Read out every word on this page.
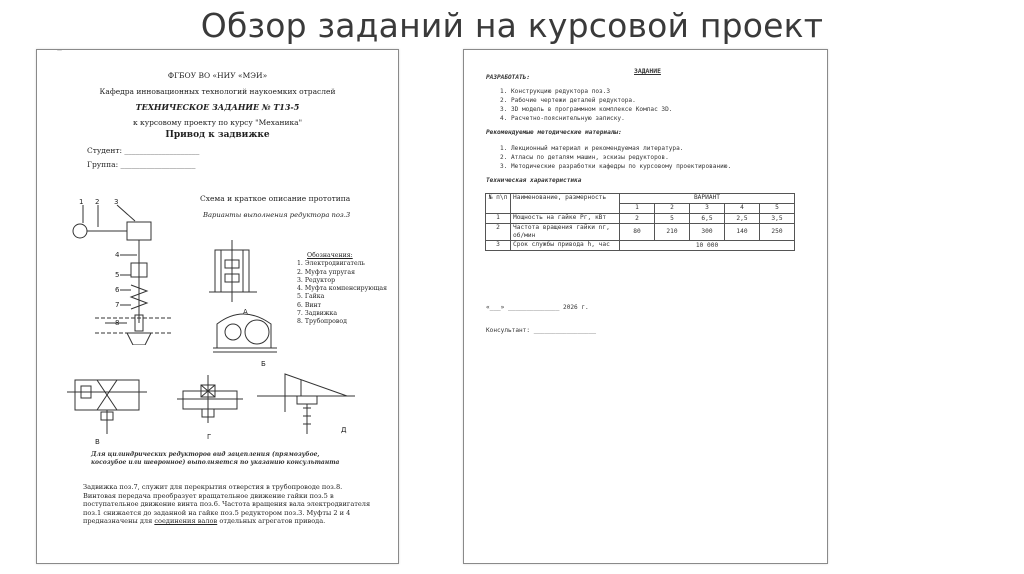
Обзор заданий на курсовой проект
—
ФГБОУ ВО «НИУ «МЭИ»
Кафедра инновационных технологий наукоемких отраслей
ТЕХНИЧЕСКОЕ ЗАДАНИЕ № Т13-5
к курсовому проекту по курсу "Механика"
Привод к задвижке
Студент: ____________________
Группа: ____________________
Схема и краткое описание прототипа
Варианты выполнения редуктора поз.3
Обозначения:
1. Электродвигатель
2. Муфта упругая
3. Редуктор
4. Муфта компенсирующая
5. Гайка
6. Винт
7. Задвижка
8. Трубопровод
1 2 3
4
5
6
7
8
А
Б
В
Г
Д
Для цилиндрических редукторов вид зацепления (прямозубое, косозубое или шевронное) выполняется по указанию консультанта
Задвижка поз.7, служит для перекрытия отверстия в трубопроводе поз.8. Винтовая передача преобразует вращательное движение гайки поз.5 в поступательное движение винта поз.6. Частота вращения вала электродвигателя поз.1 снижается до заданной на гайке поз.5 редуктором поз.3. Муфты 2 и 4 предназначены для соединения валов отдельных агрегатов привода.
ЗАДАНИЕ
РАЗРАБОТАТЬ:
1. Конструкцию редуктора поз.3
2. Рабочие чертежи деталей редуктора.
3. 3D модель в программном комплексе Компас 3D.
4. Расчетно-пояснительную записку.
Рекомендуемые методические материалы:
1. Лекционный материал и рекомендуемая литература.
2. Атласы по деталям машин, эскизы редукторов.
3. Методические разработки кафедры по курсовому проектированию.
Техническая характеристика
№ п\п	Наименование, размерность	ВАРИАНТ				
		1	2	3	4	5
1	Мощность на гайке Pг, кВт	2	5	6,5	2,5	3,5
2	Частота вращения гайки nг, об/мин	80	210	300	140	250
3	Срок службы привода h, час	10 000				
«___» ______________ 2026 г.
Консультант: _________________
